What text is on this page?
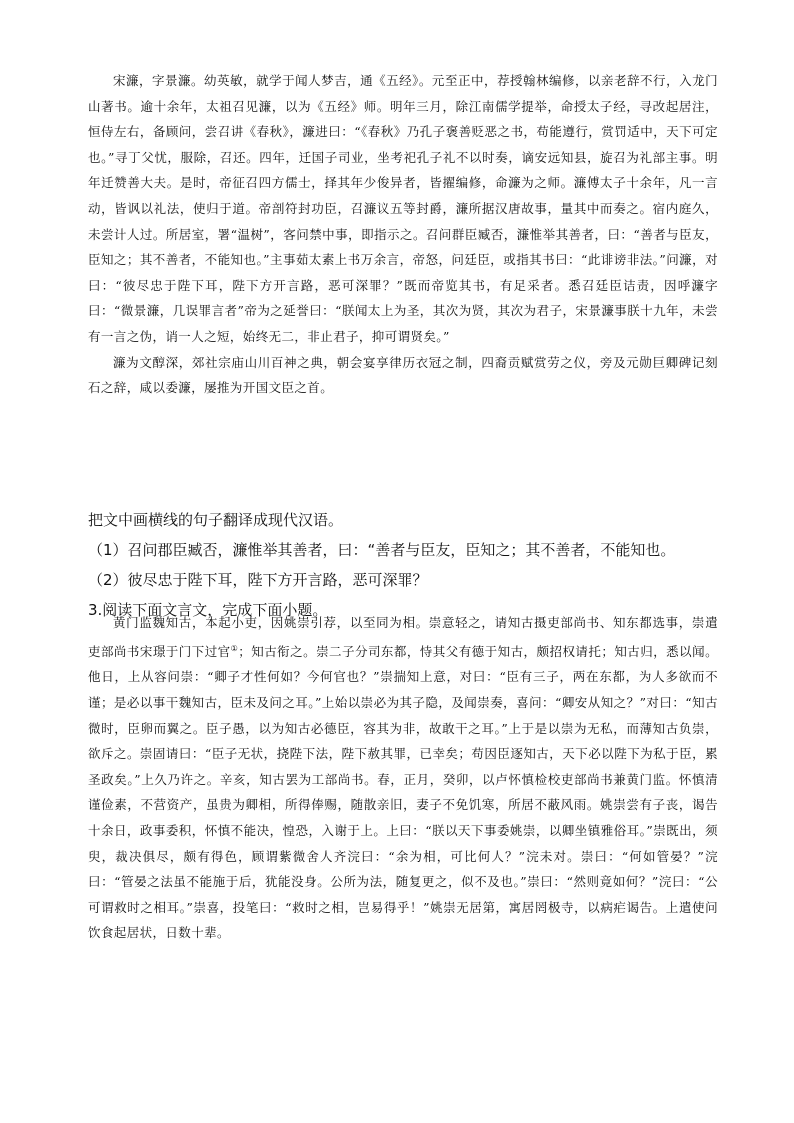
宋濂，字景濂。幼英敏，就学于闻人梦吉，通《五经》。元至正中，荐授翰林编修，以亲老辞不行，入龙门山著书。逾十余年，太祖召见濂，以为《五经》师。明年三月，除江南儒学提举，命授太子经，寻改起居注，恒侍左右，备顾问，尝召讲《春秋》，濂进曰：“《春秋》乃孔子褒善贬恶之书，苟能遵行，赏罚适中，天下可定也。”寻丁父忧，服除，召还。四年，迁国子司业，坐考祀孔子礼不以时奏，谪安远知县，旋召为礼部主事。明年迁赞善大夫。是时，帝征召四方儒士，择其年少俊异者，皆擢编修，命濂为之师。濂傅太子十余年，凡一言动，皆讽以礼法，使归于道。帝剖符封功臣，召濂议五等封爵，濂所据汉唐故事，量其中而奏之。宿内庭久，未尝计人过。所居室，署“温树”，客问禁中事，即指示之。召问群臣臧否，濂惟举其善者，曰：“善者与臣友，臣知之；其不善者，不能知也。”主事茹太素上书万余言，帝怒，问廷臣，或指其书曰：“此诽谤非法。”问濂，对曰：“彼尽忠于陛下耳，陛下方开言路，恶可深罪？”既而帝览其书，有足采者。悉召廷臣诘责，因呼濂字曰：“微景濂，几误罪言者”帝为之延誉曰：“朕闻太上为圣，其次为贤，其次为君子，宋景濂事朕十九年，未尝有一言之伪，诮一人之短，始终无二，非止君子，抑可谓贤矣。”

濂为文醇深，郊社宗庙山川百神之典，朝会宴享律历衣冠之制，四裔贡赋赏劳之仪，旁及元勋巨卿碑记刻石之辞，咸以委濂，屡推为开国文臣之首。

把文中画横线的句子翻译成现代汉语。
（1）召问郡臣臧否，濂惟举其善者，曰：“善者与臣友，臣知之；其不善者，不能知也。
（2）彼尽忠于陛下耳，陛下方开言路，恶可深罪？
3.阅读下面文言文，完成下面小题。

黄门监魏知古，本起小吏，因姚崇引荐，以至同为相。崇意轻之，请知古摄吏部尚书、知东都选事，崇遣吏部尚书宋璟于门下过官①；知古衔之。崇二子分司东都，恃其父有德于知古，颇招权请托；知古归，悉以闻。他日，上从容问崇：“卿子才性何如？今何官也？”崇揣知上意，对曰：“臣有三子，两在东都，为人多欲而不谨；是必以事干魏知古，臣未及问之耳。”上始以崇必为其子隐，及闻崇奏，喜问：“卿安从知之？”对曰：“知古微时，臣卵而翼之。臣子愚，以为知古必德臣，容其为非，故敢干之耳。”上于是以崇为无私，而薄知古负崇，欲斥之。崇固请曰：“臣子无状，挠陛下法，陛下赦其罪，已幸矣；苟因臣逐知古，天下必以陛下为私于臣，累圣政矣。”上久乃许之。辛亥，知古罢为工部尚书。春，正月，癸卯，以卢怀慎检校吏部尚书兼黄门监。怀慎清谨俭素，不营资产，虽贵为卿相，所得俸赐，随散亲旧，妻子不免饥寒，所居不蔽风雨。姚崇尝有子丧，谒告十余日，政事委积，怀慎不能决，惶恐，入谢于上。上曰：“朕以天下事委姚崇，以卿坐镇雅俗耳。”崇既出，须臾，裁决俱尽，颇有得色，顾谓紫微舍人齐浣曰：“余为相，可比何人？”浣未对。崇曰：“何如管晏？”浣曰：“管晏之法虽不能施于后，犹能没身。公所为法，随复更之，似不及也。”崇曰：“然则竟如何？”浣曰：“公可谓救时之相耳。”崇喜，投笔曰：“救时之相，岂易得乎！”姚崇无居第，寓居罔极寺，以病疟谒告。上遣使问饮食起居状，日数十辈。
